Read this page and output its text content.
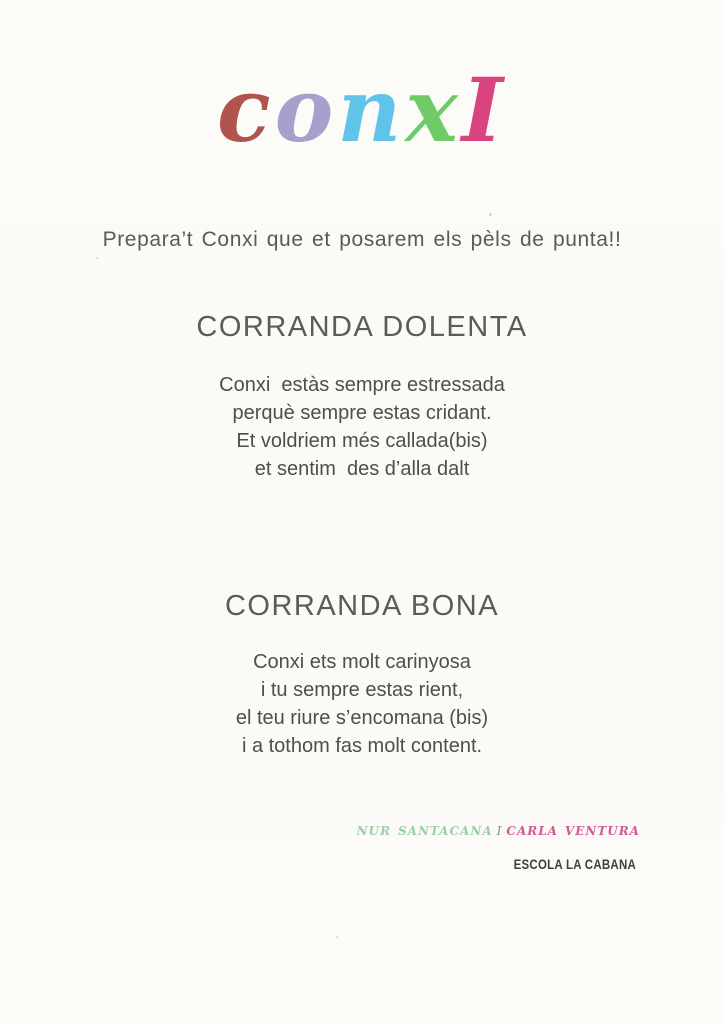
conxI

Prepara’t Conxi que et posarem els pèls de punta!!

CORRANDA DOLENTA
Conxi  estàs sempre estressada
perquè sempre estas cridant.
Et voldriem més callada(bis)
et sentim  des d’alla dalt
CORRANDA BONA
Conxi ets molt carinyosa
i tu sempre estas rient,
el teu riure s’encomana (bis)
i a tothom fas molt content.
nur santacana i carla ventura
ESCOLA LA CABANA
